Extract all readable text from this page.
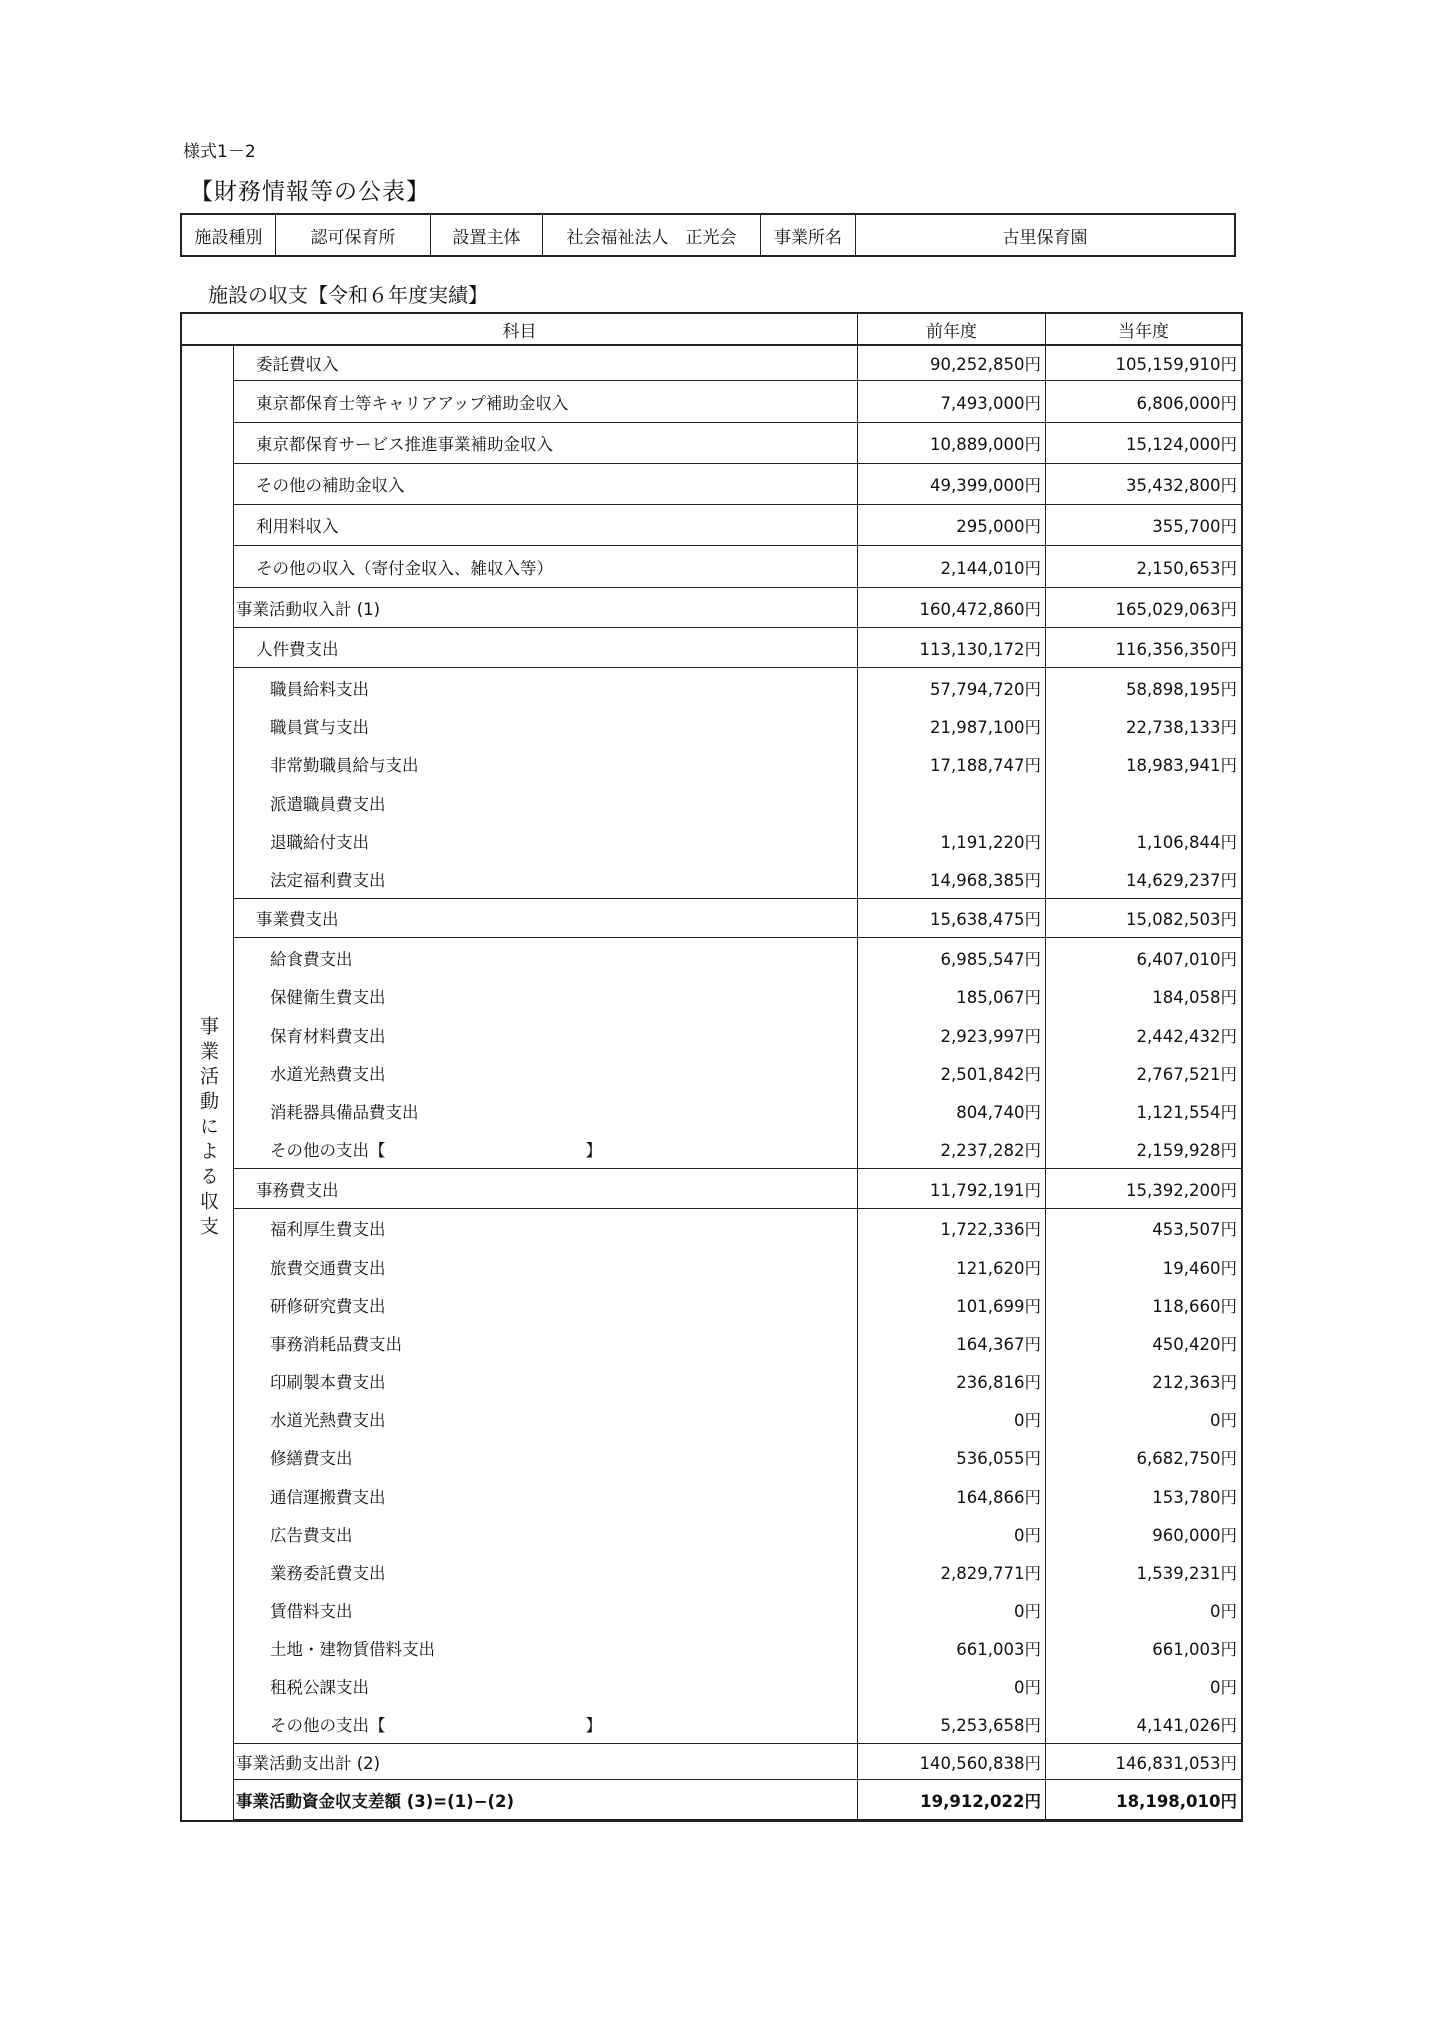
様式1－2
【財務情報等の公表】
施設種別	認可保育所	設置主体	社会福祉法人　正光会	事業所名	古里保育園
施設の収支【令和６年度実績】
科目	前年度	当年度
事業活動による収支
委託費収入	90,252,850円	105,159,910円
東京都保育士等キャリアアップ補助金収入	7,493,000円	6,806,000円
東京都保育サービス推進事業補助金収入	10,889,000円	15,124,000円
その他の補助金収入	49,399,000円	35,432,800円
利用料収入	295,000円	355,700円
その他の収入（寄付金収入、雑収入等）	2,144,010円	2,150,653円
事業活動収入計 (1)	160,472,860円	165,029,063円
人件費支出	113,130,172円	116,356,350円
職員給料支出	57,794,720円	58,898,195円
職員賞与支出	21,987,100円	22,738,133円
非常勤職員給与支出	17,188,747円	18,983,941円
派遣職員費支出
退職給付支出	1,191,220円	1,106,844円
法定福利費支出	14,968,385円	14,629,237円
事業費支出	15,638,475円	15,082,503円
給食費支出	6,985,547円	6,407,010円
保健衛生費支出	185,067円	184,058円
保育材料費支出	2,923,997円	2,442,432円
水道光熱費支出	2,501,842円	2,767,521円
消耗器具備品費支出	804,740円	1,121,554円
その他の支出【	】	2,237,282円	2,159,928円
事務費支出	11,792,191円	15,392,200円
福利厚生費支出	1,722,336円	453,507円
旅費交通費支出	121,620円	19,460円
研修研究費支出	101,699円	118,660円
事務消耗品費支出	164,367円	450,420円
印刷製本費支出	236,816円	212,363円
水道光熱費支出	0円	0円
修繕費支出	536,055円	6,682,750円
通信運搬費支出	164,866円	153,780円
広告費支出	0円	960,000円
業務委託費支出	2,829,771円	1,539,231円
賃借料支出	0円	0円
土地・建物賃借料支出	661,003円	661,003円
租税公課支出	0円	0円
その他の支出【	】	5,253,658円	4,141,026円
事業活動支出計 (2)	140,560,838円	146,831,053円
事業活動資金収支差額 (3)=(1)−(2)	19,912,022円	18,198,010円
